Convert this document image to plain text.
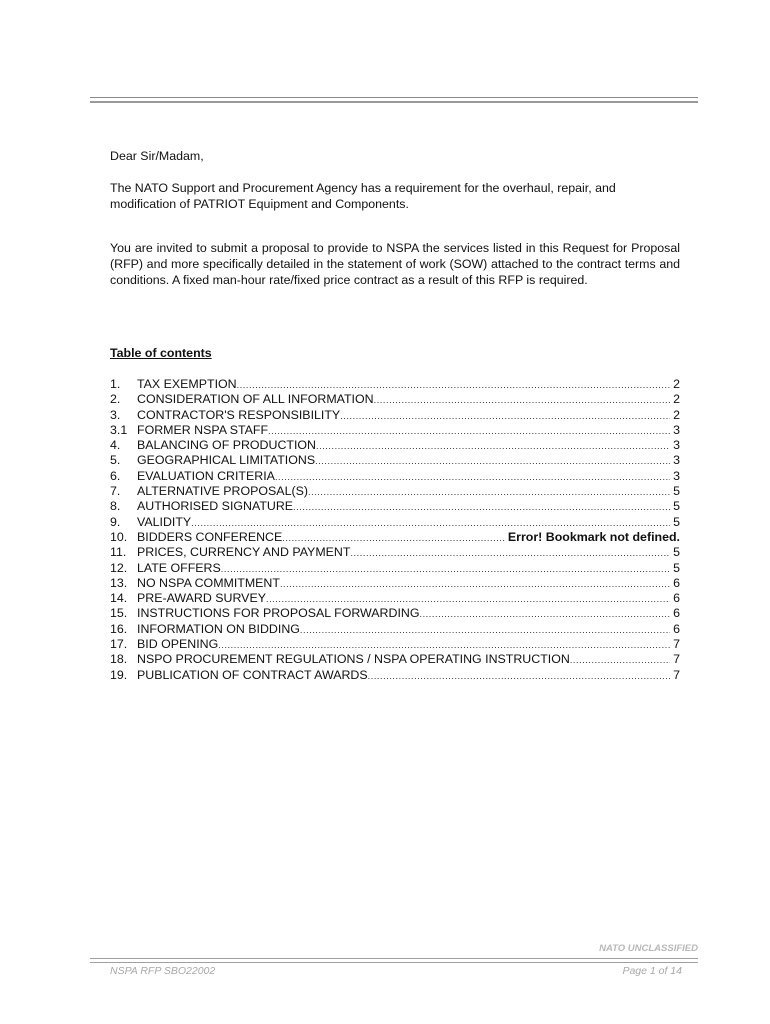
Dear Sir/Madam,
The NATO Support and Procurement Agency has a requirement for the overhaul, repair, and modification of PATRIOT Equipment and Components.
You are invited to submit a proposal to provide to NSPA the services listed in this Request for Proposal (RFP) and more specifically detailed in the statement of work (SOW) attached to the contract terms and conditions. A fixed man-hour rate/fixed price contract as a result of this RFP is required.
Table of contents
1.	TAX EXEMPTION .....	2
2.	CONSIDERATION OF ALL INFORMATION .....	2
3.	CONTRACTOR'S RESPONSIBILITY .....	2
3.1 FORMER NSPA STAFF .....	3
4.	BALANCING OF PRODUCTION .....	3
5.	GEOGRAPHICAL LIMITATIONS .....	3
6.	EVALUATION CRITERIA .....	3
7.	ALTERNATIVE PROPOSAL(S) .....	5
8.	AUTHORISED SIGNATURE .....	5
9.	VALIDITY .....	5
10. BIDDERS CONFERENCE .....	Error! Bookmark not defined.
11. PRICES, CURRENCY AND PAYMENT .....	5
12. LATE OFFERS .....	5
13. NO NSPA COMMITMENT .....	6
14. PRE-AWARD SURVEY .....	6
15. INSTRUCTIONS FOR PROPOSAL FORWARDING .....	6
16. INFORMATION ON BIDDING .....	6
17. BID OPENING .....	7
18. NSPO PROCUREMENT REGULATIONS / NSPA OPERATING INSTRUCTION .....	7
19. PUBLICATION OF CONTRACT AWARDS .....	7
NATO UNCLASSIFIED
NSPA RFP SBO22002	Page 1 of 14
